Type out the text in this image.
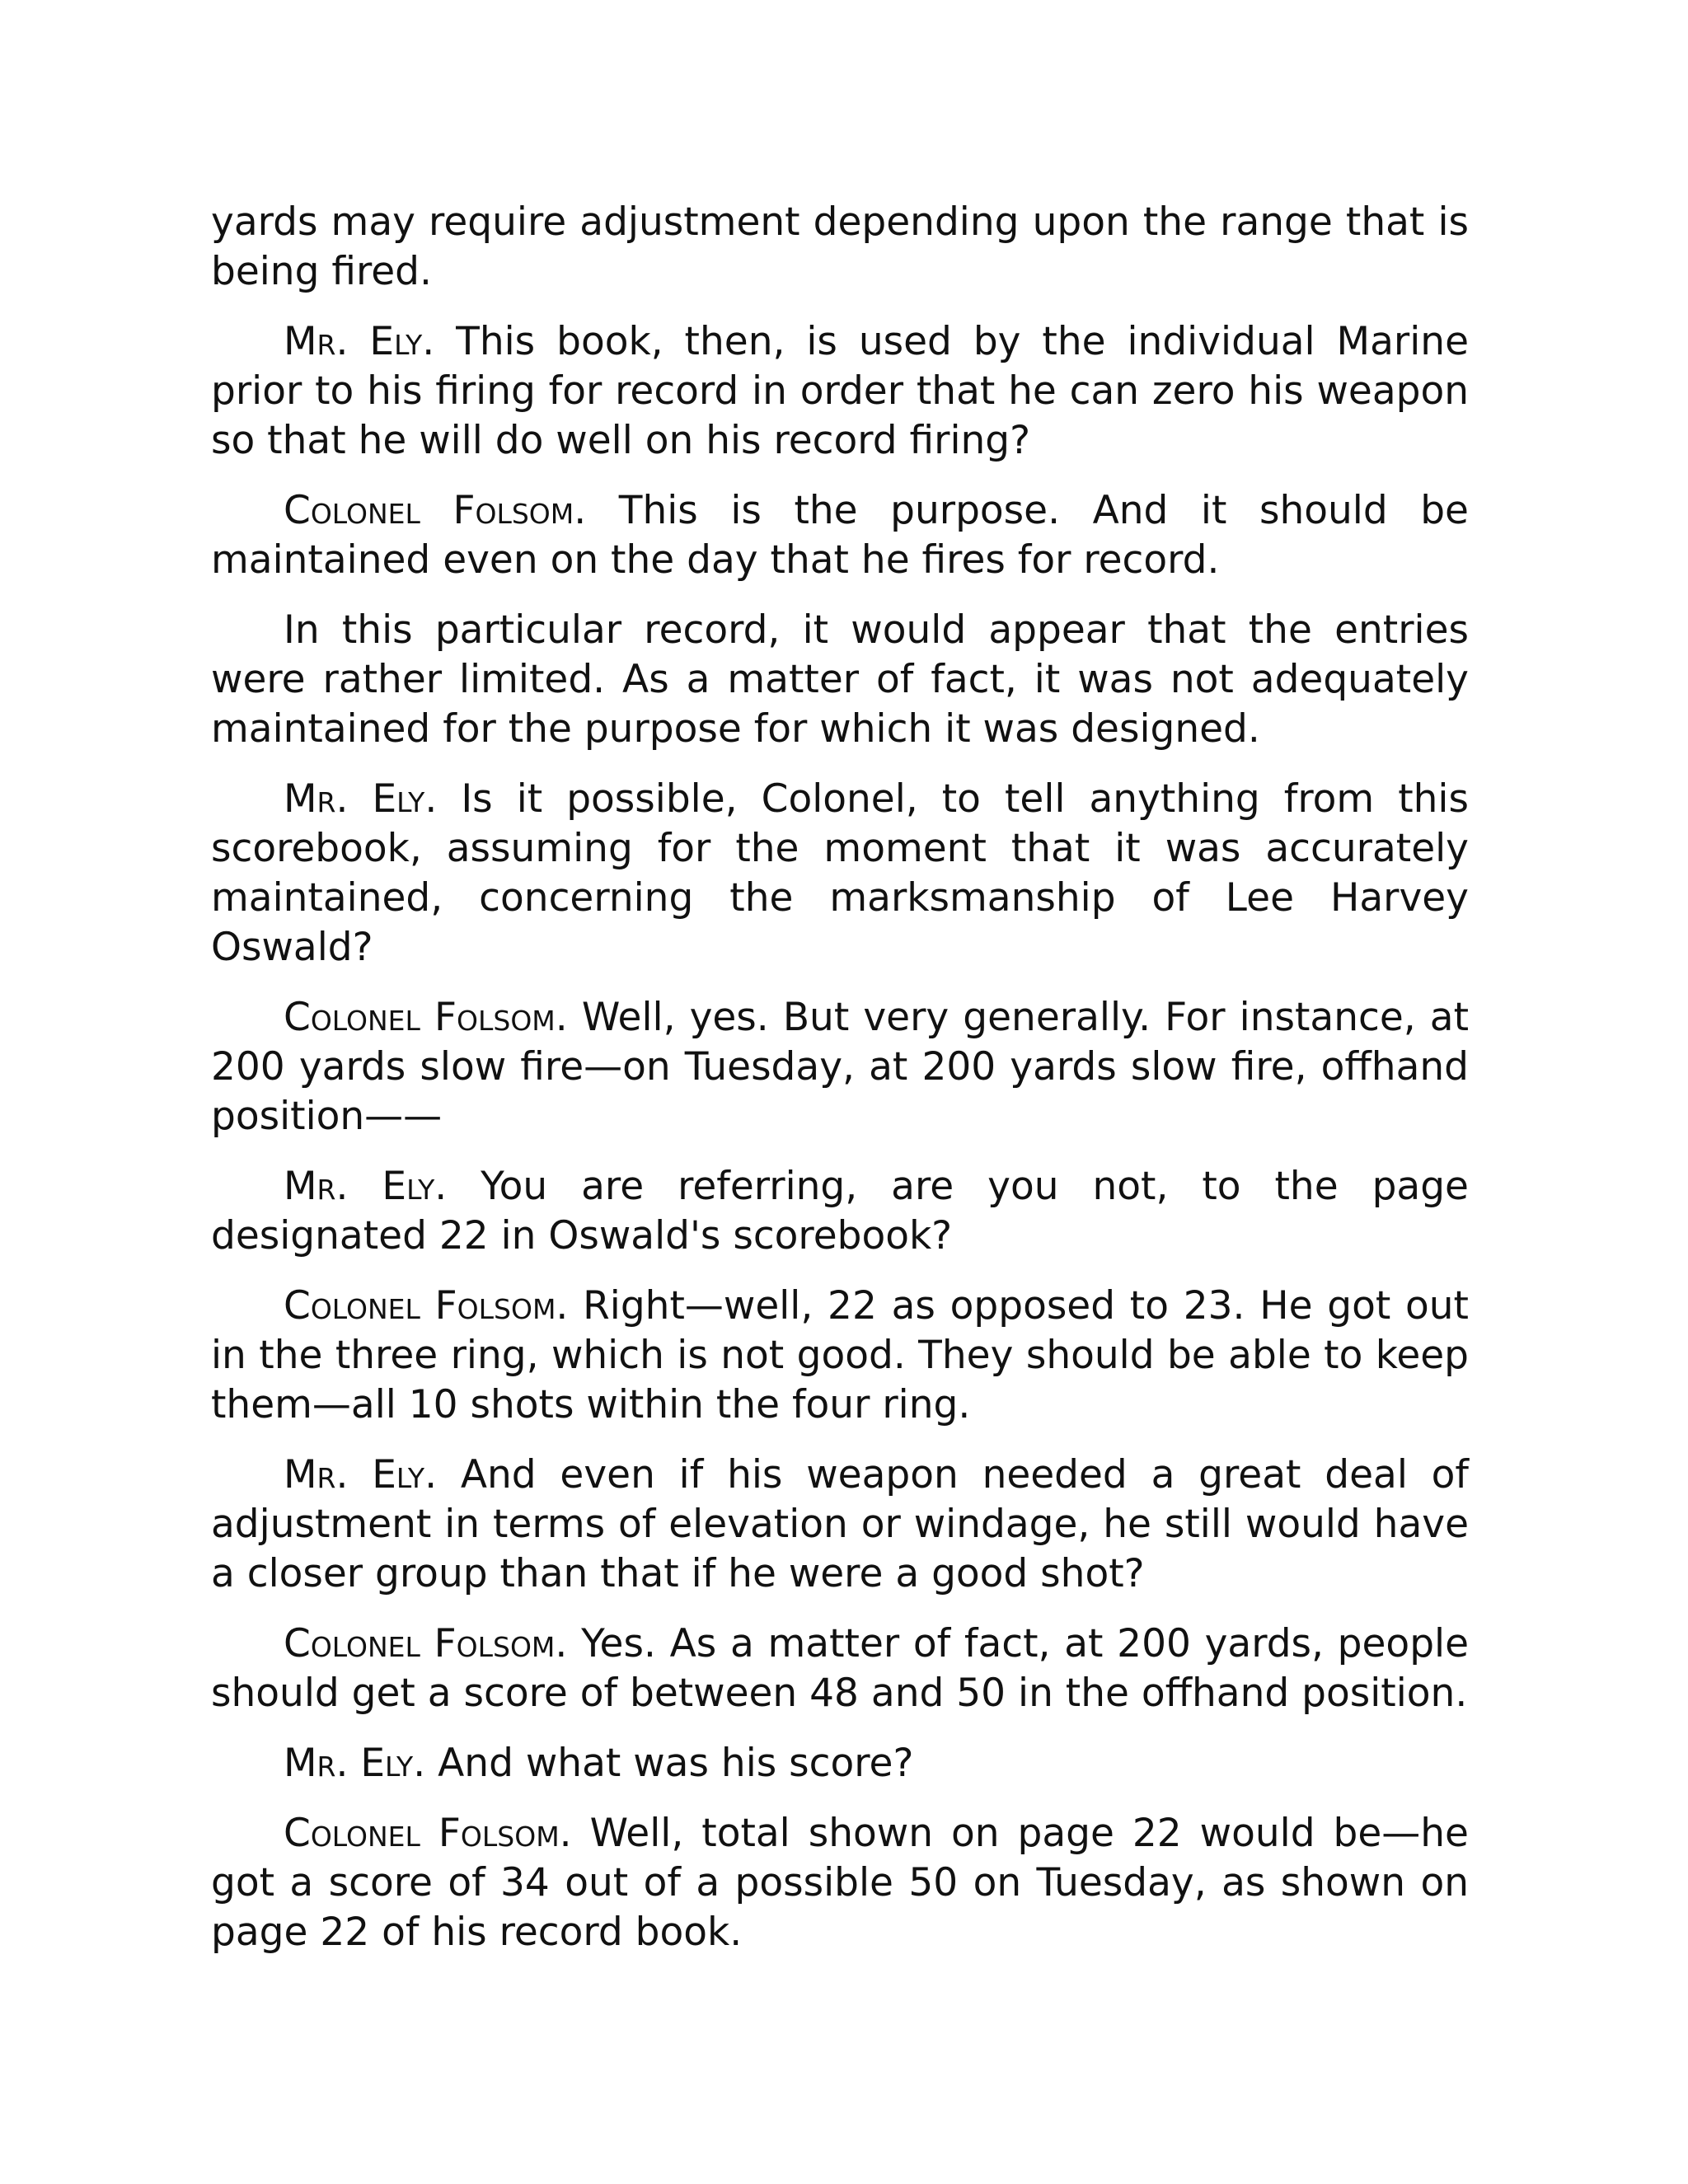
yards may require adjustment depending upon the range that is being fired.

Mr. Ely. This book, then, is used by the individual Marine prior to his firing for record in order that he can zero his weapon so that he will do well on his record firing?

Colonel Folsom. This is the purpose. And it should be maintained even on the day that he fires for record.

In this particular record, it would appear that the entries were rather limited. As a matter of fact, it was not adequately maintained for the purpose for which it was designed.

Mr. Ely. Is it possible, Colonel, to tell anything from this scorebook, assuming for the moment that it was accurately maintained, concerning the marksmanship of Lee Harvey Oswald?

Colonel Folsom. Well, yes. But very generally. For instance, at 200 yards slow fire—on Tuesday, at 200 yards slow fire, offhand position——

Mr. Ely. You are referring, are you not, to the page designated 22 in Oswald's scorebook?

Colonel Folsom. Right—well, 22 as opposed to 23. He got out in the three ring, which is not good. They should be able to keep them—all 10 shots within the four ring.

Mr. Ely. And even if his weapon needed a great deal of adjustment in terms of elevation or windage, he still would have a closer group than that if he were a good shot?

Colonel Folsom. Yes. As a matter of fact, at 200 yards, people should get a score of between 48 and 50 in the offhand position.

Mr. Ely. And what was his score?

Colonel Folsom. Well, total shown on page 22 would be—he got a score of 34 out of a possible 50 on Tuesday, as shown on page 22 of his record book.
